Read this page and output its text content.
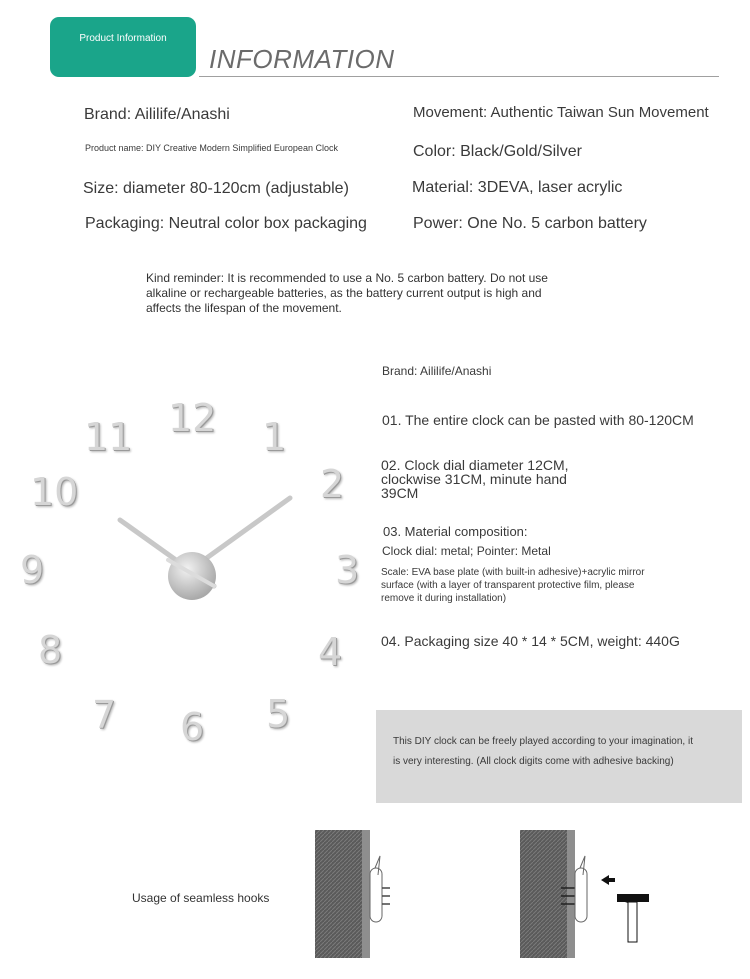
Product Information
INFORMATION
Brand: Aililife/Anashi	Movement: Authentic Taiwan Sun Movement
Product name: DIY Creative Modern Simplified European Clock	Color: Black/Gold/Silver
Size: diameter 80-120cm (adjustable)	Material: 3DEVA, laser acrylic
Packaging: Neutral color box packaging	Power: One No. 5 carbon battery
Kind reminder: It is recommended to use a No. 5 carbon battery. Do not use
alkaline or rechargeable batteries, as the battery current output is high and
affects the lifespan of the movement.
12 1
2
3
4
5
6
7
8
9
10
11
Brand: Aililife/Anashi
01. The entire clock can be pasted with 80-120CM
02. Clock dial diameter 12CM,
clockwise 31CM, minute hand
39CM
03. Material composition:
Clock dial: metal; Pointer: Metal
Scale: EVA base plate (with built-in adhesive)+acrylic mirror
surface (with a layer of transparent protective film, please
remove it during installation)
04. Packaging size 40 * 14 * 5CM, weight: 440G
This DIY clock can be freely played according to your imagination, it
is very interesting. (All clock digits come with adhesive backing)
Usage of seamless hooks
